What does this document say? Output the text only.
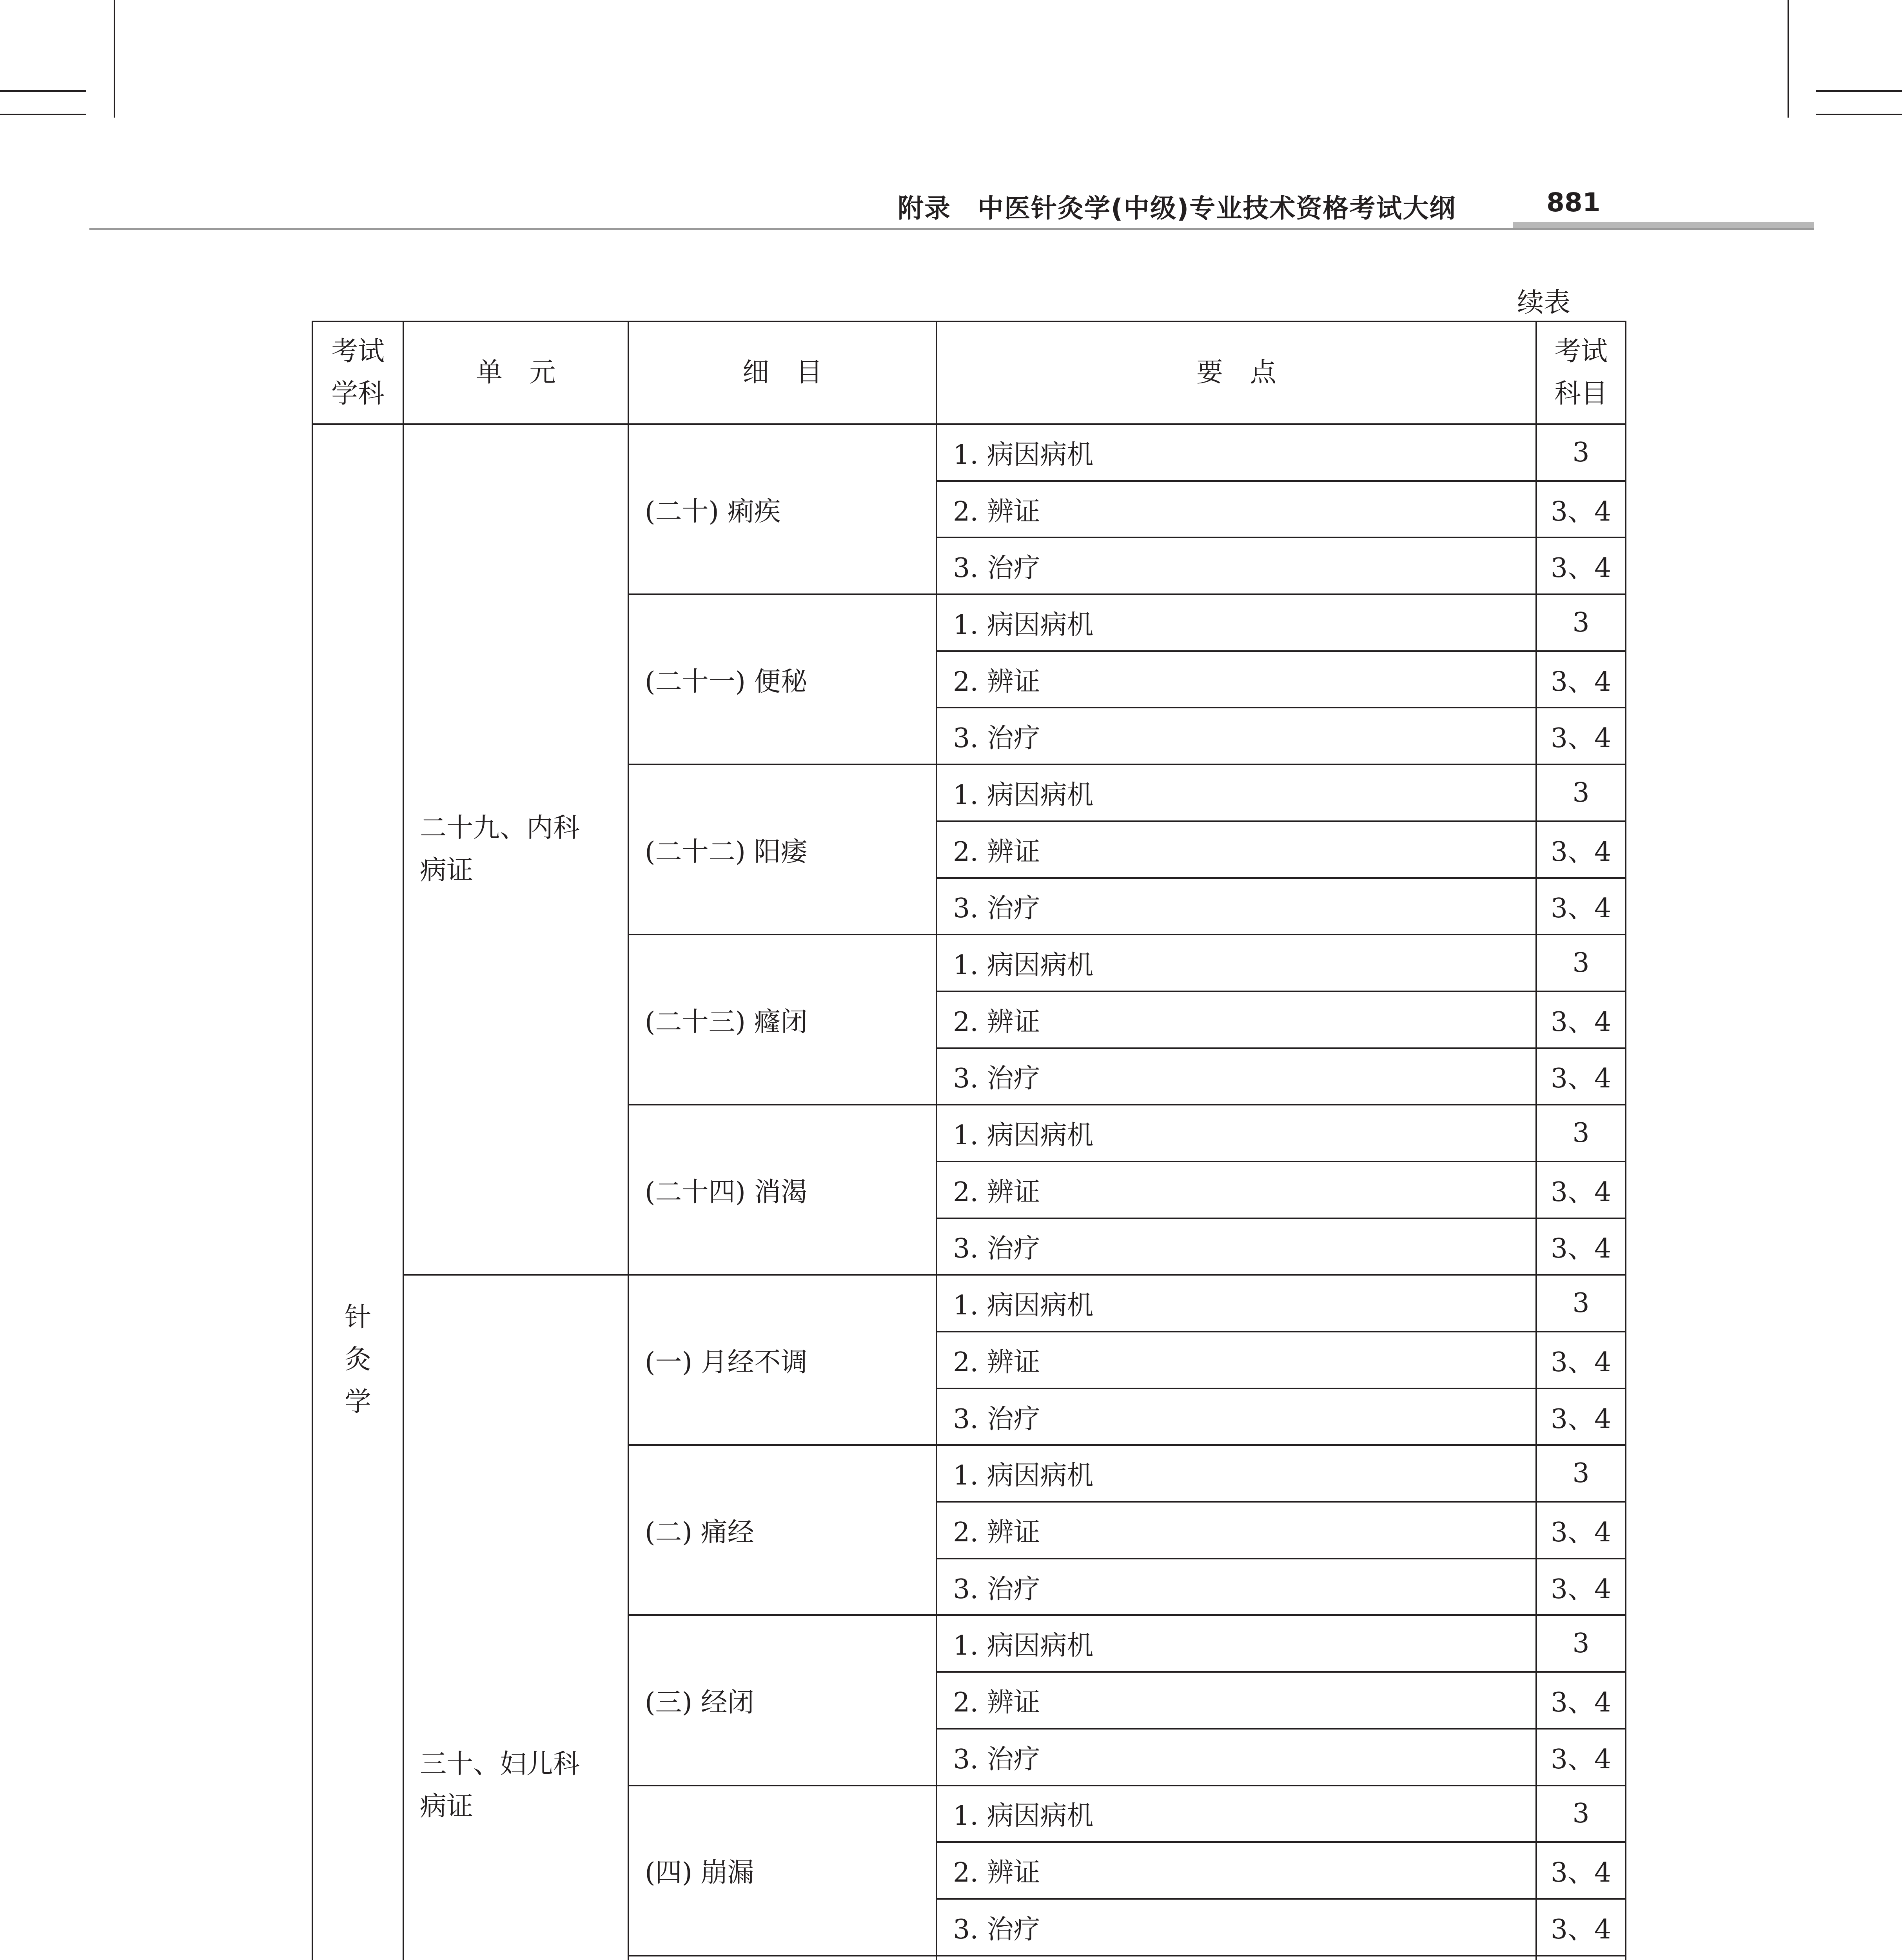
附录　中医针灸学(中级)专业技术资格考试大纲	881
续表
考试学科	单　元	细　目	要　点	考试科目
针灸学	二十九、内科病证	(二十) 痢疾	1. 病因病机	3
			2. 辨证	3、4
			3. 治疗	3、4
		(二十一) 便秘	1. 病因病机	3
			2. 辨证	3、4
			3. 治疗	3、4
		(二十二) 阳痿	1. 病因病机	3
			2. 辨证	3、4
			3. 治疗	3、4
		(二十三) 癃闭	1. 病因病机	3
			2. 辨证	3、4
			3. 治疗	3、4
		(二十四) 消渴	1. 病因病机	3
			2. 辨证	3、4
			3. 治疗	3、4
	三十、妇儿科病证	(一) 月经不调	1. 病因病机	3
			2. 辨证	3、4
			3. 治疗	3、4
		(二) 痛经	1. 病因病机	3
			2. 辨证	3、4
			3. 治疗	3、4
		(三) 经闭	1. 病因病机	3
			2. 辨证	3、4
			3. 治疗	3、4
		(四) 崩漏	1. 病因病机	3
			2. 辨证	3、4
			3. 治疗	3、4
